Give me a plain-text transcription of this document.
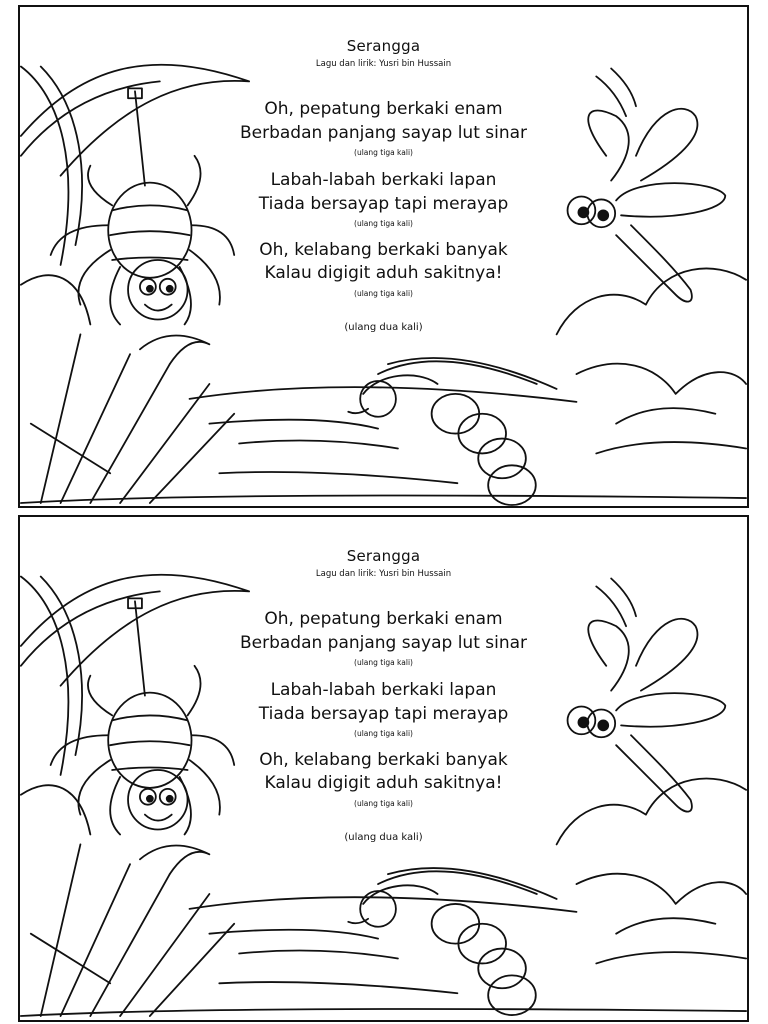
Serangga
Lagu dan lirik: Yusri bin Hussain
Oh, pepatung berkaki enam
Berbadan panjang sayap lut sinar
(ulang tiga kali)
Labah-labah berkaki lapan
Tiada bersayap tapi merayap
(ulang tiga kali)
Oh, kelabang berkaki banyak
Kalau digigit aduh sakitnya!
(ulang tiga kali)
(ulang dua kali)
Serangga
Lagu dan lirik: Yusri bin Hussain
Oh, pepatung berkaki enam
Berbadan panjang sayap lut sinar
(ulang tiga kali)
Labah-labah berkaki lapan
Tiada bersayap tapi merayap
(ulang tiga kali)
Oh, kelabang berkaki banyak
Kalau digigit aduh sakitnya!
(ulang tiga kali)
(ulang dua kali)
